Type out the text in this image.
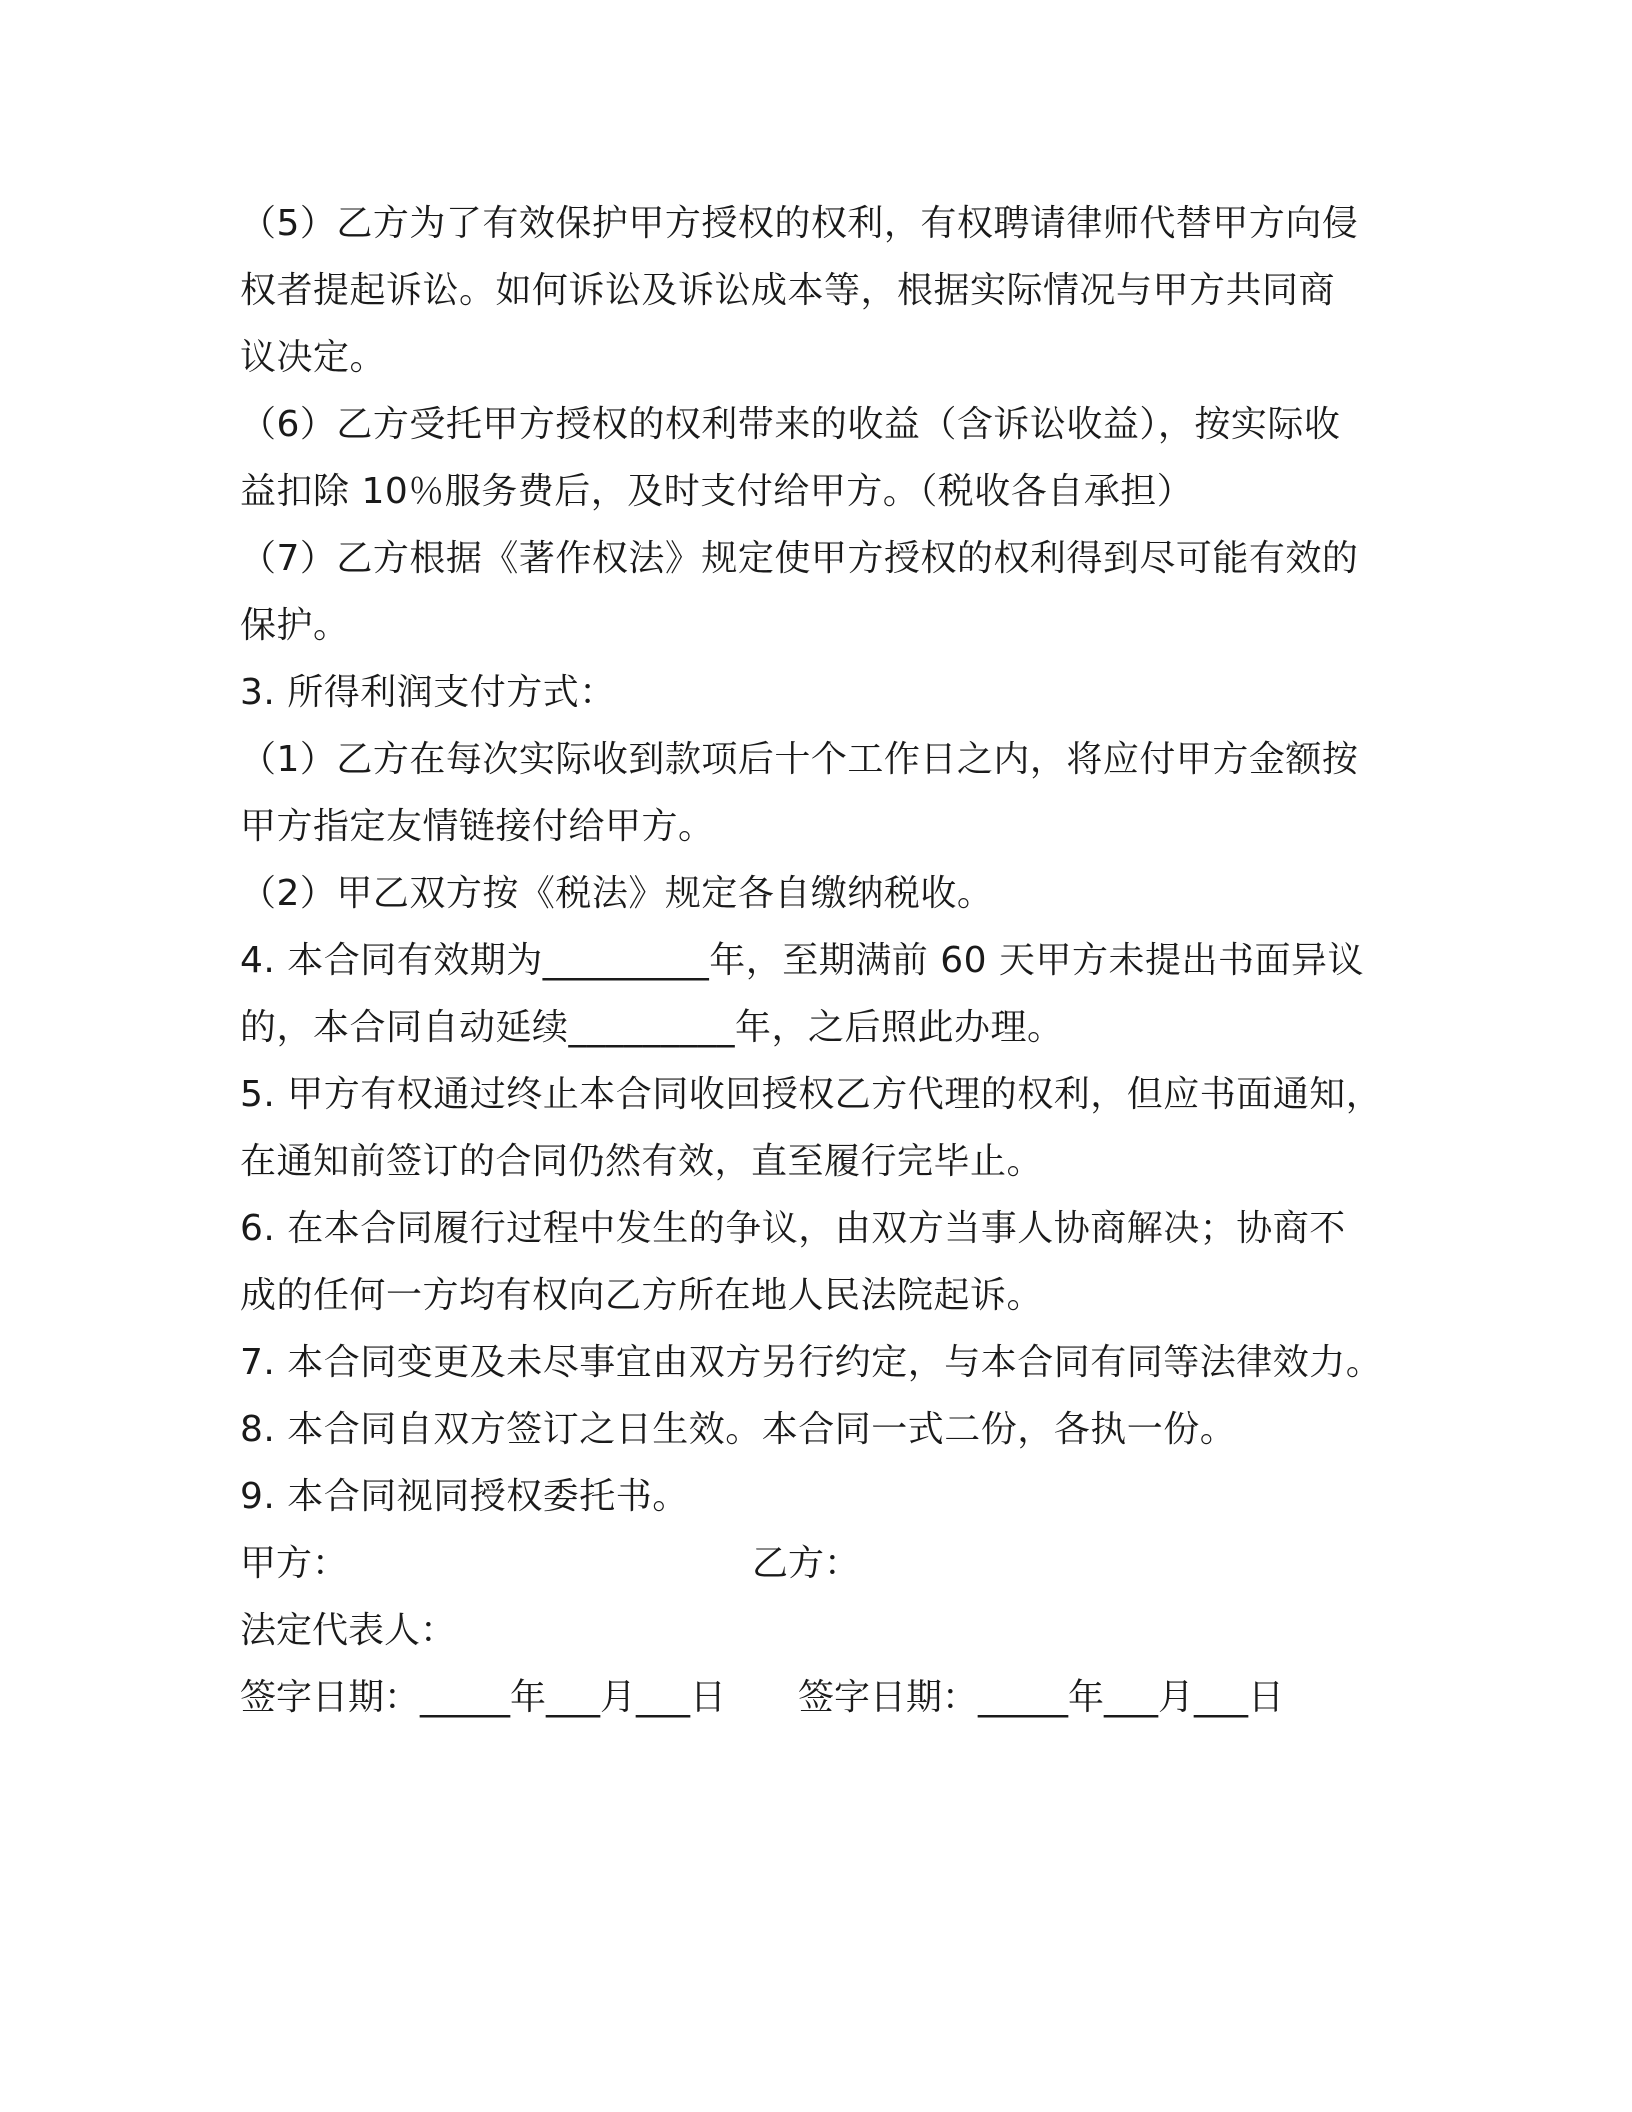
（5）乙方为了有效保护甲方授权的权利，有权聘请律师代替甲方向侵
权者提起诉讼。如何诉讼及诉讼成本等，根据实际情况与甲方共同商
议决定。
（6）乙方受托甲方授权的权利带来的收益（含诉讼收益），按实际收
益扣除 10％服务费后，及时支付给甲方。（税收各自承担）
（7）乙方根据《著作权法》规定使甲方授权的权利得到尽可能有效的
保护。
3. 所得利润支付方式：
（1）乙方在每次实际收到款项后十个工作日之内，将应付甲方金额按
甲方指定友情链接付给甲方。
（2）甲乙双方按《税法》规定各自缴纳税收。
4. 本合同有效期为_________年，至期满前 60 天甲方未提出书面异议
的，本合同自动延续_________年，之后照此办理。
5. 甲方有权通过终止本合同收回授权乙方代理的权利，但应书面通知，
在通知前签订的合同仍然有效，直至履行完毕止。
6. 在本合同履行过程中发生的争议，由双方当事人协商解决；协商不
成的任何一方均有权向乙方所在地人民法院起诉。
7. 本合同变更及未尽事宜由双方另行约定，与本合同有同等法律效力。
8. 本合同自双方签订之日生效。本合同一式二份，各执一份。
9. 本合同视同授权委托书。
甲方：	乙方：
法定代表人：
签字日期：_____年___月___日 签字日期：_____年___月___日
